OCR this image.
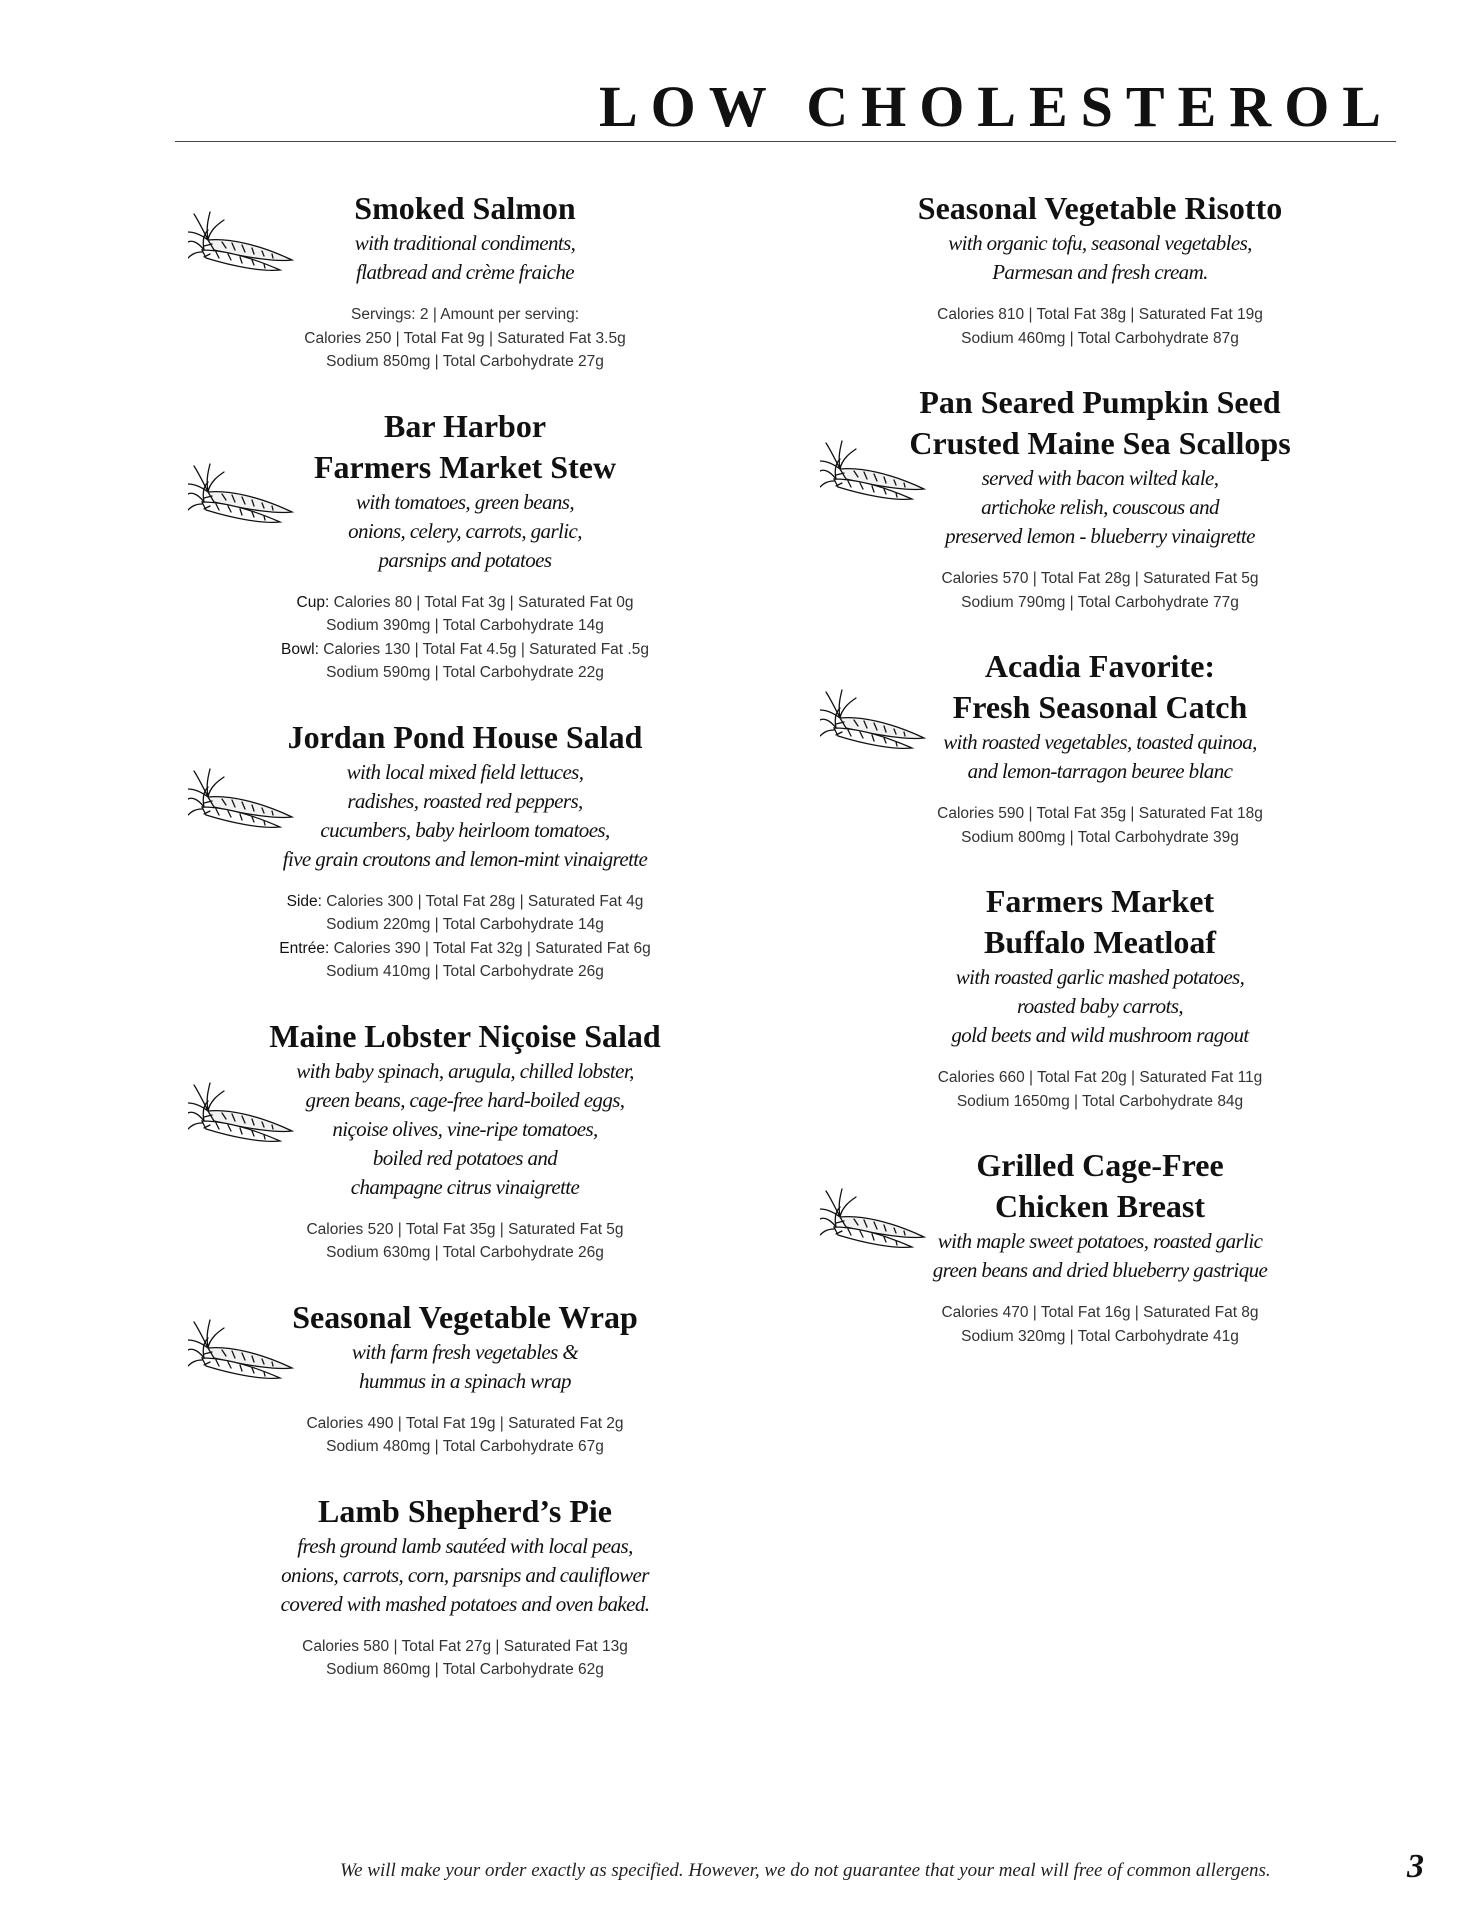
LOW CHOLESTEROL
Smoked Salmon

with traditional condiments,
flatbread and crème fraiche

Servings: 2 | Amount per serving:
Calories 250 | Total Fat 9g | Saturated Fat 3.5g
Sodium 850mg | Total Carbohydrate 27g
Bar Harbor
Farmers Market Stew

with tomatoes, green beans,
onions, celery, carrots, garlic,
parsnips and potatoes

Cup: Calories 80 | Total Fat 3g | Saturated Fat 0g
Sodium 390mg | Total Carbohydrate 14g
Bowl: Calories 130 | Total Fat 4.5g | Saturated Fat .5g
Sodium 590mg | Total Carbohydrate 22g
Jordan Pond House Salad

with local mixed field lettuces,
radishes, roasted red peppers,
cucumbers, baby heirloom tomatoes,
five grain croutons and lemon-mint vinaigrette

Side: Calories 300 | Total Fat 28g | Saturated Fat 4g
Sodium 220mg | Total Carbohydrate 14g
Entrée: Calories 390 | Total Fat 32g | Saturated Fat 6g
Sodium 410mg | Total Carbohydrate 26g
Maine Lobster Niçoise Salad

with baby spinach, arugula, chilled lobster,
green beans, cage-free hard-boiled eggs,
niçoise olives, vine-ripe tomatoes,
boiled red potatoes and
champagne citrus vinaigrette

Calories 520 | Total Fat 35g | Saturated Fat 5g
Sodium 630mg | Total Carbohydrate 26g
Seasonal Vegetable Wrap

with farm fresh vegetables &
hummus in a spinach wrap

Calories 490 | Total Fat 19g | Saturated Fat 2g
Sodium 480mg | Total Carbohydrate 67g
Lamb Shepherd’s Pie

fresh ground lamb sautéed with local peas,
onions, carrots, corn, parsnips and cauliflower
covered with mashed potatoes and oven baked.

Calories 580 | Total Fat 27g | Saturated Fat 13g
Sodium 860mg | Total Carbohydrate 62g
Seasonal Vegetable Risotto

with organic tofu, seasonal vegetables,
Parmesan and fresh cream.

Calories 810 | Total Fat 38g | Saturated Fat 19g
Sodium 460mg | Total Carbohydrate 87g
Pan Seared Pumpkin Seed
Crusted Maine Sea Scallops

served with bacon wilted kale,
artichoke relish, couscous and
preserved lemon - blueberry vinaigrette

Calories 570 | Total Fat 28g | Saturated Fat 5g
Sodium 790mg | Total Carbohydrate 77g
Acadia Favorite:
Fresh Seasonal Catch

with roasted vegetables, toasted quinoa,
and lemon-tarragon beuree blanc

Calories 590 | Total Fat 35g | Saturated Fat 18g
Sodium 800mg | Total Carbohydrate 39g
Farmers Market
Buffalo Meatloaf

with roasted garlic mashed potatoes,
roasted baby carrots,
gold beets and wild mushroom ragout

Calories 660 | Total Fat 20g | Saturated Fat 11g
Sodium 1650mg | Total Carbohydrate 84g
Grilled Cage-Free
Chicken Breast

with maple sweet potatoes, roasted garlic
green beans and dried blueberry gastrique

Calories 470 | Total Fat 16g | Saturated Fat 8g
Sodium 320mg | Total Carbohydrate 41g
We will make your order exactly as specified. However, we do not guarantee that your meal will free of common allergens.	3
